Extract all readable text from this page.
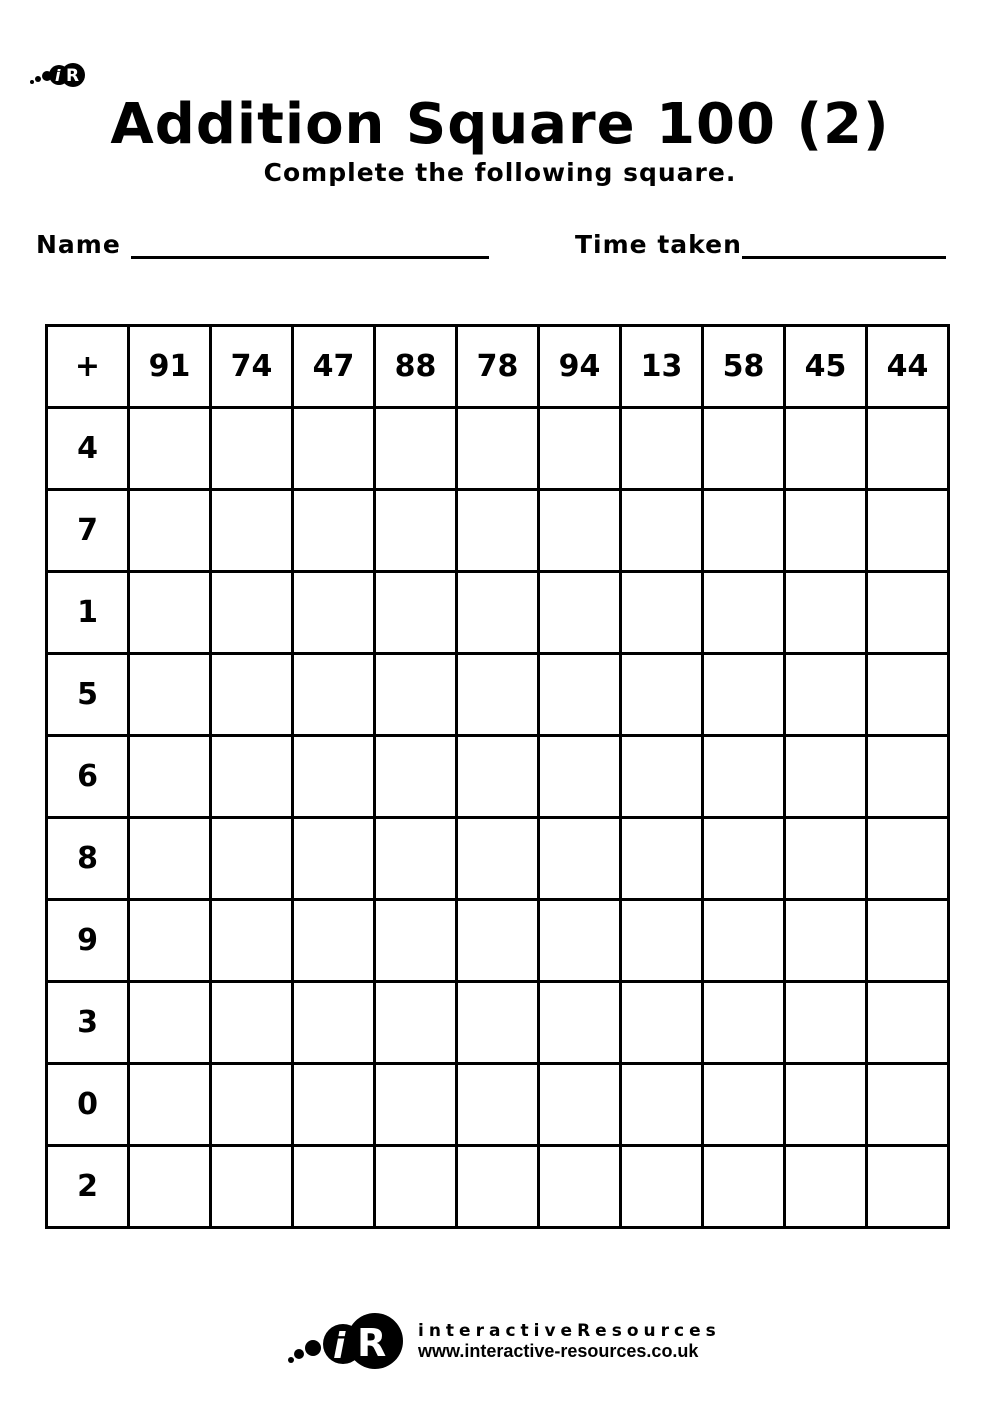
i R
Addition Square 100 (2)
Complete the following square.
Name	Time taken
+	91	74	47	88	78	94	13	58	45	44
4										
7										
1										
5										
6										
8										
9										
3										
0										
2										
i R interactiveResources
www.interactive-resources.co.uk
